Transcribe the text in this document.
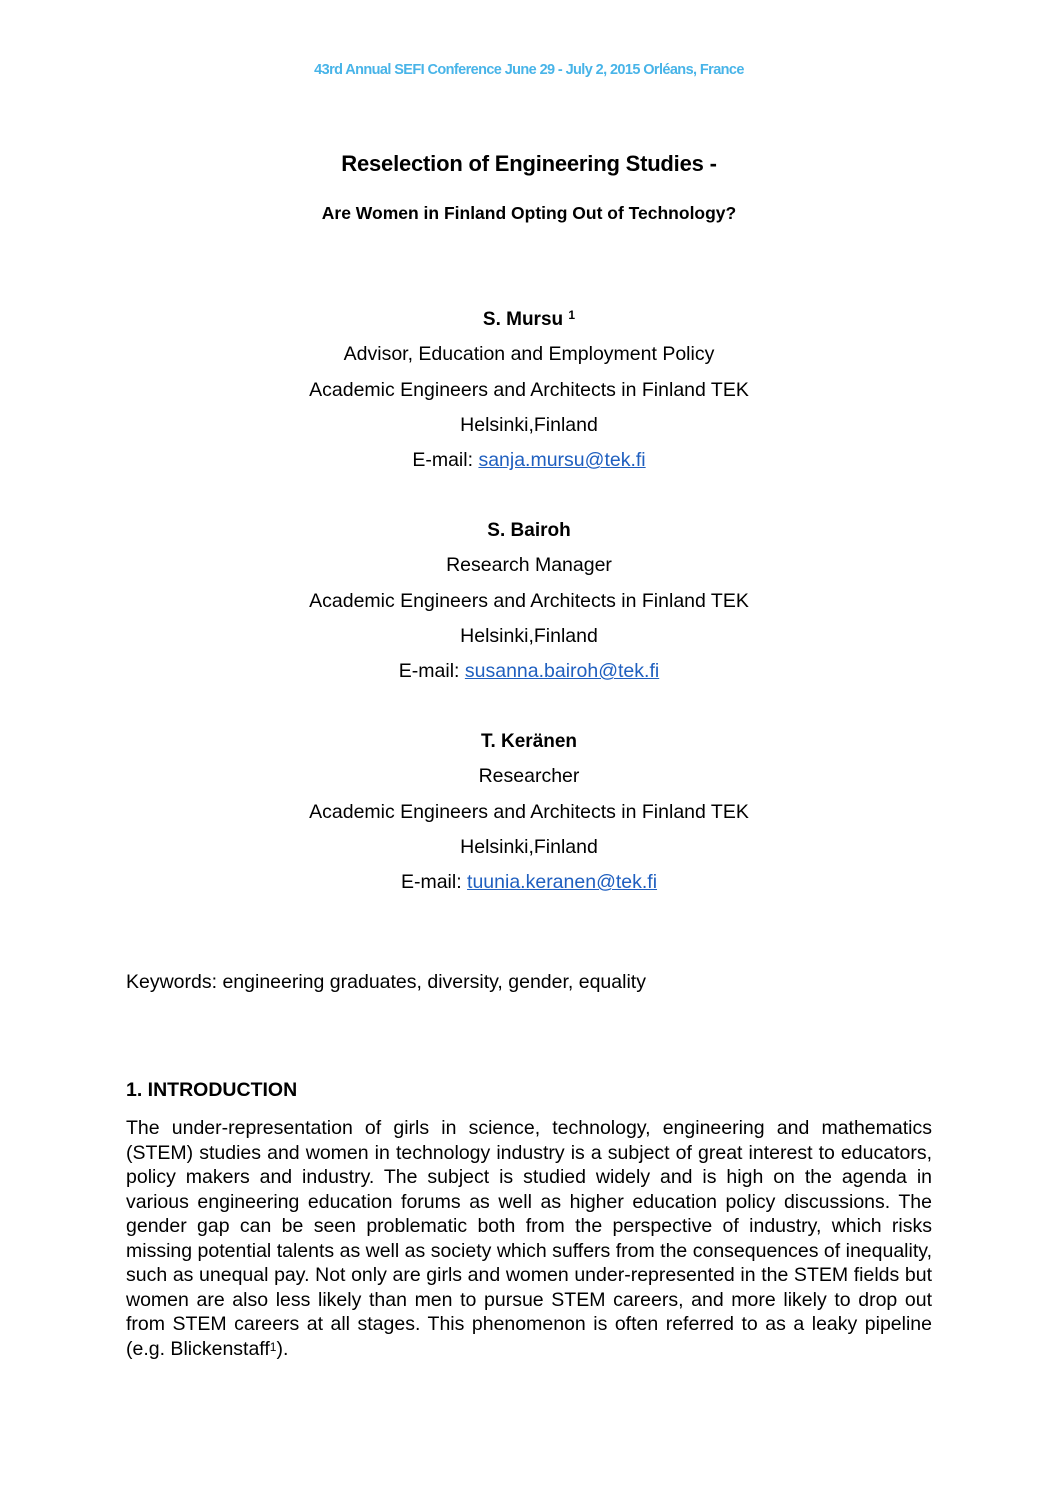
43rd Annual SEFI Conference June 29 - July 2, 2015 Orléans, France
Reselection of Engineering Studies -
Are Women in Finland Opting Out of Technology?
S. Mursu $^1$
Advisor, Education and Employment Policy
Academic Engineers and Architects in Finland TEK
Helsinki,Finland
E-mail: sanja.mursu@tek.fi
S. Bairoh
Research Manager
Academic Engineers and Architects in Finland TEK
Helsinki,Finland
E-mail: susanna.bairoh@tek.fi
T. Keränen
Researcher
Academic Engineers and Architects in Finland TEK
Helsinki,Finland
E-mail: tuunia.keranen@tek.fi
Keywords: engineering graduates, diversity, gender, equality
1. INTRODUCTION
The under-representation of girls in science, technology, engineering and mathematics (STEM) studies and women in technology industry is a subject of great interest to educators, policy makers and industry. The subject is studied widely and is high on the agenda in various engineering education forums as well as higher education policy discussions. The gender gap can be seen problematic both from the perspective of industry, which risks missing potential talents as well as society which suffers from the consequences of inequality, such as unequal pay. Not only are girls and women under-represented in the STEM fields but women are also less likely than men to pursue STEM careers, and more likely to drop out from STEM careers at all stages. This phenomenon is often referred to as a leaky pipeline (e.g. Blickenstaff$^1$).
